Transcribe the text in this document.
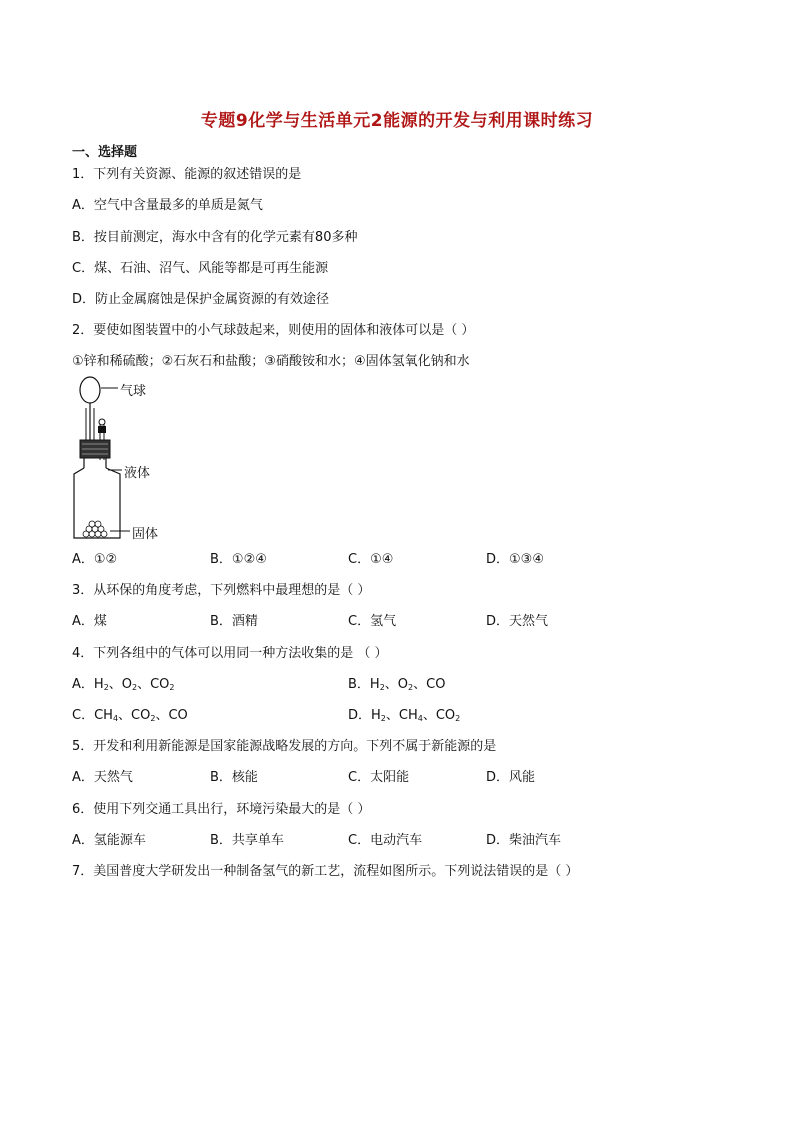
专题9化学与生活单元2能源的开发与利用课时练习
一、选择题
1．下列有关资源、能源的叙述错误的是
A．空气中含量最多的单质是氮气
B．按目前测定，海水中含有的化学元素有80多种
C．煤、石油、沼气、风能等都是可再生能源
D．防止金属腐蚀是保护金属资源的有效途径
2．要使如图装置中的小气球鼓起来，则使用的固体和液体可以是（ ）
①锌和稀硫酸；②石灰石和盐酸；③硝酸铵和水；④固体氢氧化钠和水
气球
液体
固体
A．①②	B．①②④	C．①④	D．①③④
3．从环保的角度考虑，下列燃料中最理想的是（ ）
A．煤	B．酒精	C．氢气	D．天然气
4．下列各组中的气体可以用同一种方法收集的是 （ ）
A．$H_2$、$O_2$、$CO_2$	B．$H_2$、$O_2$、CO
C．$CH_4$、$CO_2$、CO	D．$H_2$、$CH_4$、$CO_2$
5．开发和利用新能源是国家能源战略发展的方向。下列不属于新能源的是
A．天然气	B．核能	C．太阳能	D．风能
6．使用下列交通工具出行，环境污染最大的是（ ）
A．氢能源车	B．共享单车	C．电动汽车	D．柴油汽车
7．美国普度大学研发出一种制备氢气的新工艺，流程如图所示。下列说法错误的是（ ）
